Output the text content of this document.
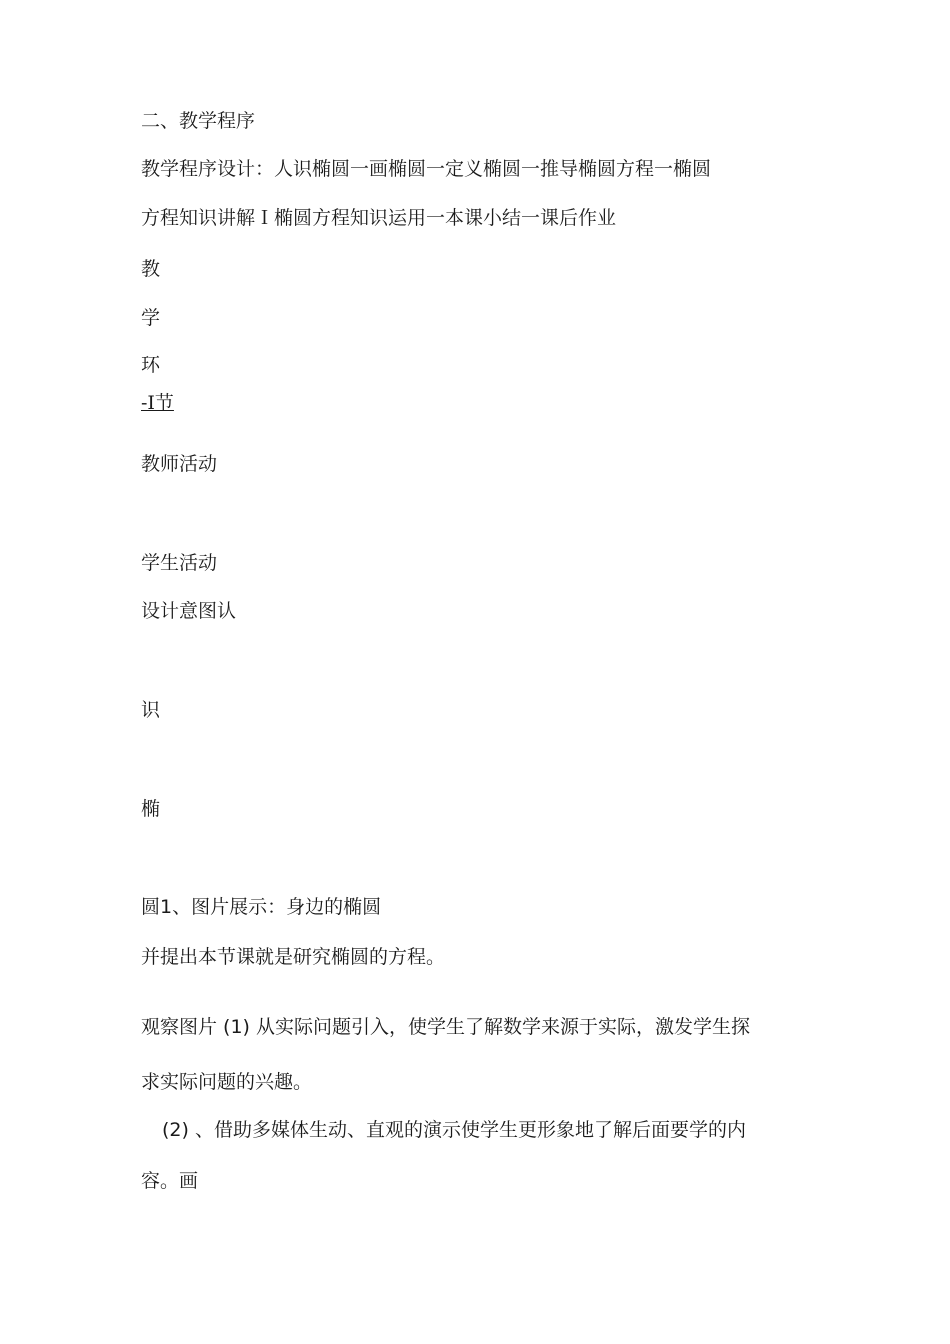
二、教学程序

教学程序设计：人识椭圆一画椭圆一定义椭圆一推导椭圆方程一椭圆

方程知识讲解Ｉ椭圆方程知识运用一本课小结一课后作业

教

学

环

-I节

教师活动

学生活动

设计意图认

识

椭

圆1、图片展示：身边的椭圆

并提出本节课就是研究椭圆的方程。

观察图片 (1) 从实际问题引入，使学生了解数学来源于实际，激发学生探

求实际问题的兴趣。

(2) 、借助多媒体生动、直观的演示使学生更形象地了解后面要学的内

容。画
